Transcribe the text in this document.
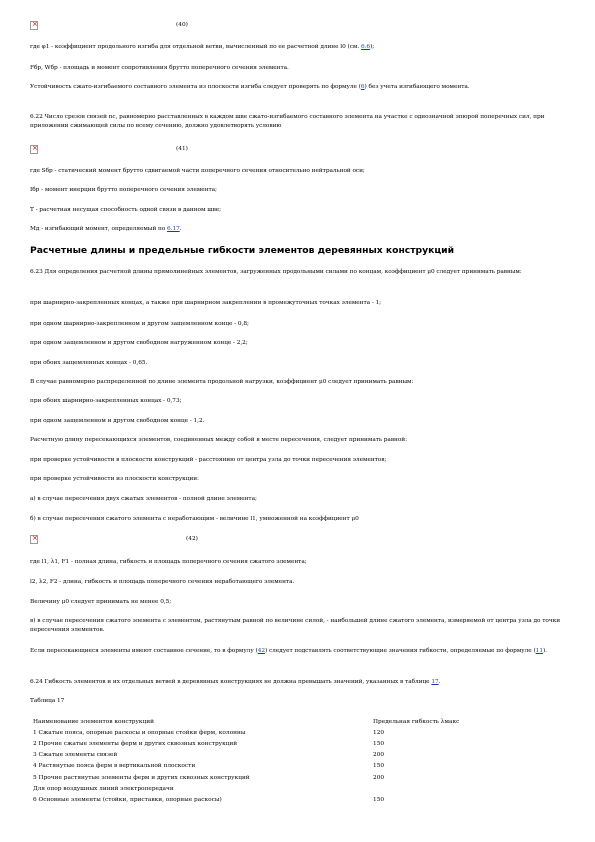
×
(40)
где φ1 - коэффициент продольного изгиба для отдельной ветви, вычисленный по ее расчетной длине l0 (см. 6.6);
Fбр, Wбр - площадь и момент сопротивления брутто поперечного сечения элемента.
Устойчивость сжато-изгибаемого составного элемента из плоскости изгиба следует проверять по формуле (6) без учета изгибающего момента.
6.22 Число срезов связей nс, равномерно расставленных в каждом шве сжато-изгибаемого составного элемента на участке с однозначной эпюрой поперечных сил, при приложении сжимающей силы по всему сечению, должно удовлетворять условию
×
(41)
где Sбр - статический момент брутто сдвигаемой части поперечного сечения относительно нейтральной оси;
Iбр - момент инерции брутто поперечного сечения элемента;
T - расчетная несущая способность одной связи в данном шве;
Mд - изгибающий момент, определяемый по 6.17.
Расчетные длины и предельные гибкости элементов деревянных конструкций
6.23 Для определения расчетной длины прямолинейных элементов, загруженных продольными силами по концам, коэффициент μ0 следует принимать равным:
при шарнирно-закрепленных концах, а также при шарнирном закреплении в промежуточных точках элемента - 1;
при одном шарнирно-закрепленном и другом защемленном конце - 0,8;
при одном защемленном и другом свободном нагруженном конце - 2,2;
при обоих защемленных концах - 0,65.
В случае равномерно распределенной по длине элемента продольной нагрузки, коэффициент μ0 следует принимать равным:
при обоих шарнирно-закрепленных концах - 0,73;
при одном защемленном и другом свободном конце - 1,2.
Расчетную длину пересекающихся элементов, соединенных между собой в месте пересечения, следует принимать равной:
при проверке устойчивости в плоскости конструкций - расстоянию от центра узла до точки пересечения элементов;
при проверке устойчивости из плоскости конструкции:
а) в случае пересечения двух сжатых элементов - полной длине элемента;
б) в случае пересечения сжатого элемента с неработающим - величине l1, умноженной на коэффициент μ0
×
(42)
где l1, λ1, F1 - полная длина, гибкость и площадь поперечного сечения сжатого элемента;
l2, λ2, F2 - длина, гибкость и площадь поперечного сечения неработающего элемента.
Величину μ0 следует принимать не менее 0,5;
в) в случае пересечения сжатого элемента с элементом, растянутым равной по величине силой, - наибольшей длине сжатого элемента, измеряемой от центра узла до точки пересечения элементов.
Если пересекающиеся элементы имеют составное сечение, то в формулу (42) следует подставлять соответствующие значения гибкости, определяемые по формуле (11).
6.24 Гибкость элементов и их отдельных ветвей в деревянных конструкциях не должна превышать значений, указанных в таблице 17.
Таблица 17
Наименование элементов конструкций	Предельная гибкость λмакс
1 Сжатые пояса, опорные раскосы и опорные стойки ферм, колонны	120
2 Прочие сжатые элементы ферм и других сквозных конструкций	150
3 Сжатые элементы связей	200
4 Растянутые пояса ферм в вертикальной плоскости	150
5 Прочие растянутые элементы ферм и других сквозных конструкций	200
Для опор воздушных линий электропередачи	
6 Основные элементы (стойки, приставки, опорные раскосы)	150
